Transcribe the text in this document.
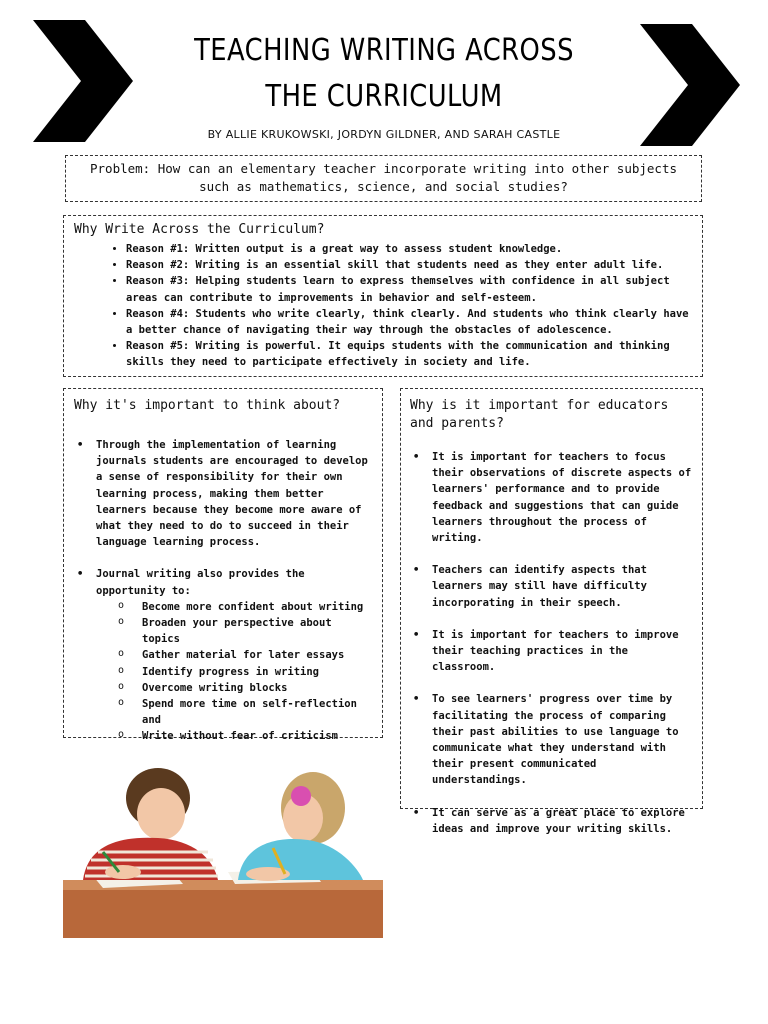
TEACHING WRITING ACROSS THE CURRICULUM
BY ALLIE KRUKOWSKI, JORDYN GILDNER, AND SARAH CASTLE
Problem: How can an elementary teacher incorporate writing into other subjects such as mathematics, science, and social studies?
Why Write Across the Curriculum?
• Reason #1: Written output is a great way to assess student knowledge.
• Reason #2: Writing is an essential skill that students need as they enter adult life.
• Reason #3: Helping students learn to express themselves with confidence in all subject areas can contribute to improvements in behavior and self-esteem.
• Reason #4: Students who write clearly, think clearly. And students who think clearly have a better chance of navigating their way through the obstacles of adolescence.
• Reason #5: Writing is powerful. It equips students with the communication and thinking skills they need to participate effectively in society and life.
Why it's important to think about?
• Through the implementation of learning journals students are encouraged to develop a sense of responsibility for their own learning process, making them better learners because they become more aware of what they need to do to succeed in their language learning process.
• Journal writing also provides the opportunity to:
o Become more confident about writing
o Broaden your perspective about topics
o Gather material for later essays
o Identify progress in writing
o Overcome writing blocks
o Spend more time on self-reflection and
o Write without fear of criticism
Why is it important for educators and parents?
• It is important for teachers to focus their observations of discrete aspects of learners' performance and to provide feedback and suggestions that can guide learners throughout the process of writing.
• Teachers can identify aspects that learners may still have difficulty incorporating in their speech.
• It is important for teachers to improve their teaching practices in the classroom.
• To see learners' progress over time by facilitating the process of comparing their past abilities to use language to communicate what they understand with their present communicated understandings.
• It can serve as a great place to explore ideas and improve your writing skills.
